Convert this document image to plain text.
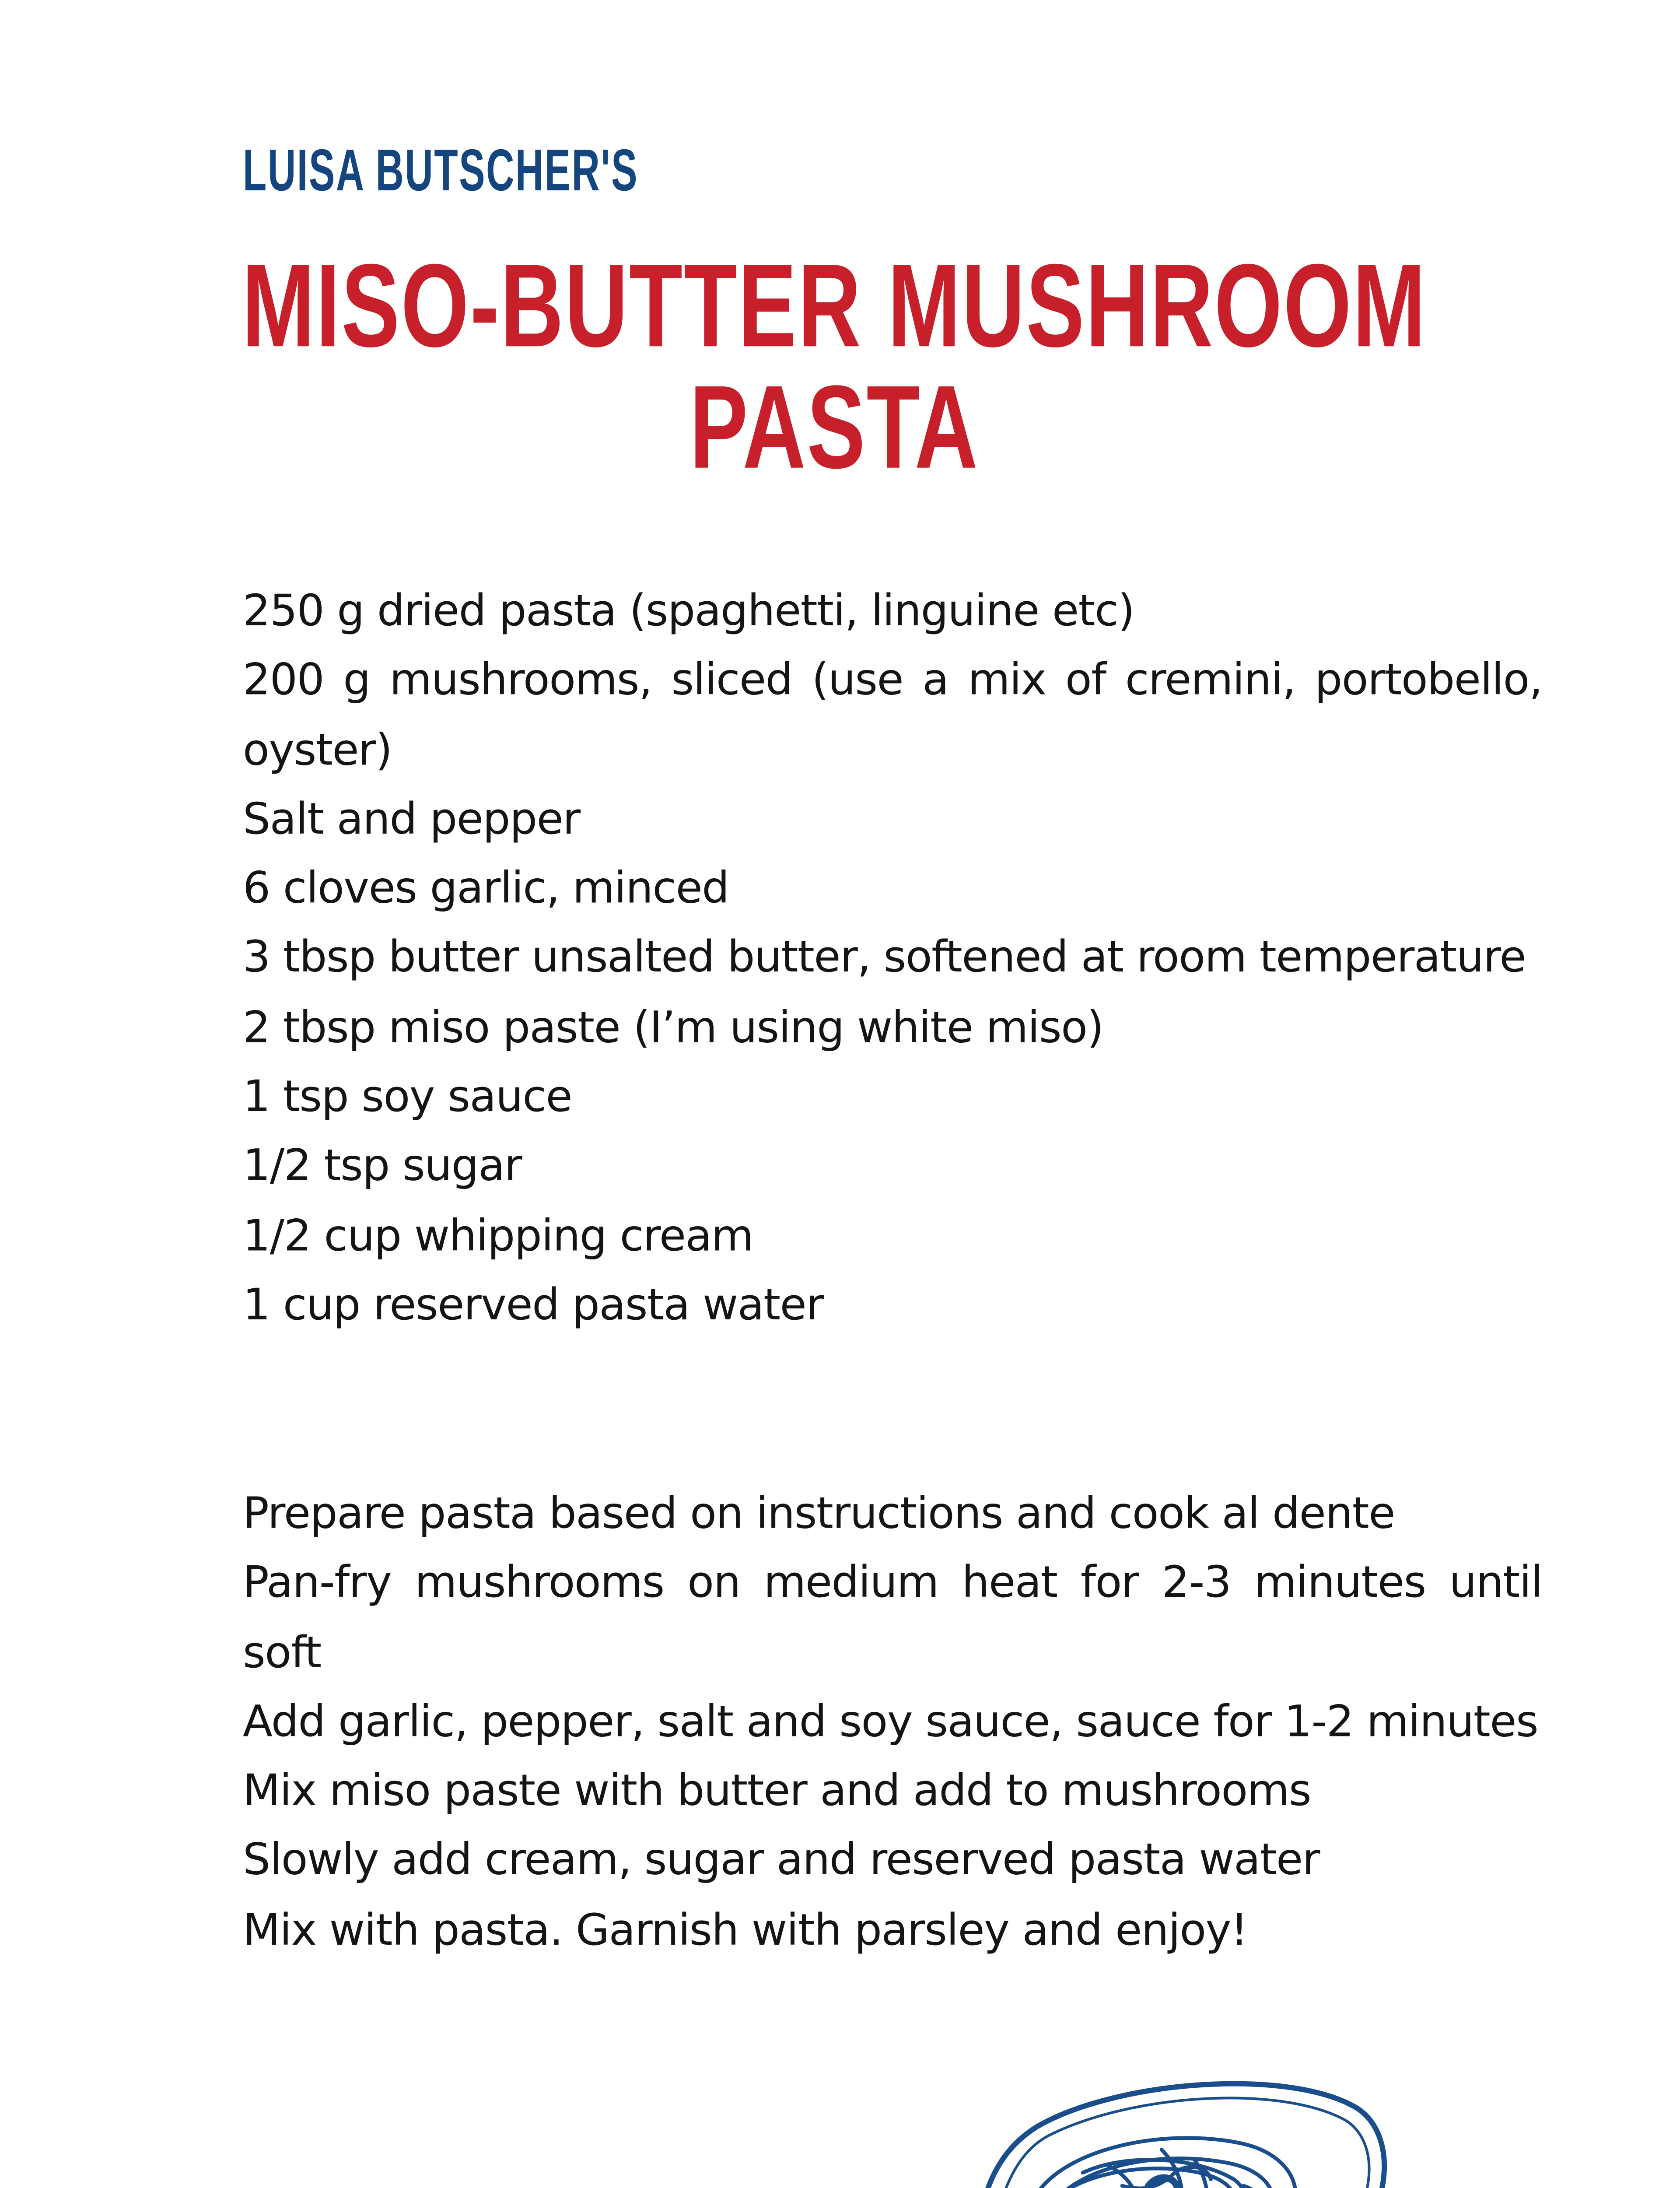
LUISA BUTSCHER'S
MISO-BUTTER MUSHROOM
PASTA

250 g dried pasta (spaghetti, linguine etc)

200 g mushrooms, sliced (use a mix of cremini, portobello, oyster)

Salt and pepper

6 cloves garlic, minced

3 tbsp butter unsalted butter, softened at room temperature

2 tbsp miso paste (I’m using white miso)

1 tsp soy sauce

1/2 tsp sugar

1/2 cup whipping cream

1 cup reserved pasta water

Prepare pasta based on instructions and cook al dente

Pan-fry mushrooms on medium heat for 2-3 minutes until soft

Add garlic, pepper, salt and soy sauce, sauce for 1-2 minutes

Mix miso paste with butter and add to mushrooms

Slowly add cream, sugar and reserved pasta water

Mix with pasta. Garnish with parsley and enjoy!
